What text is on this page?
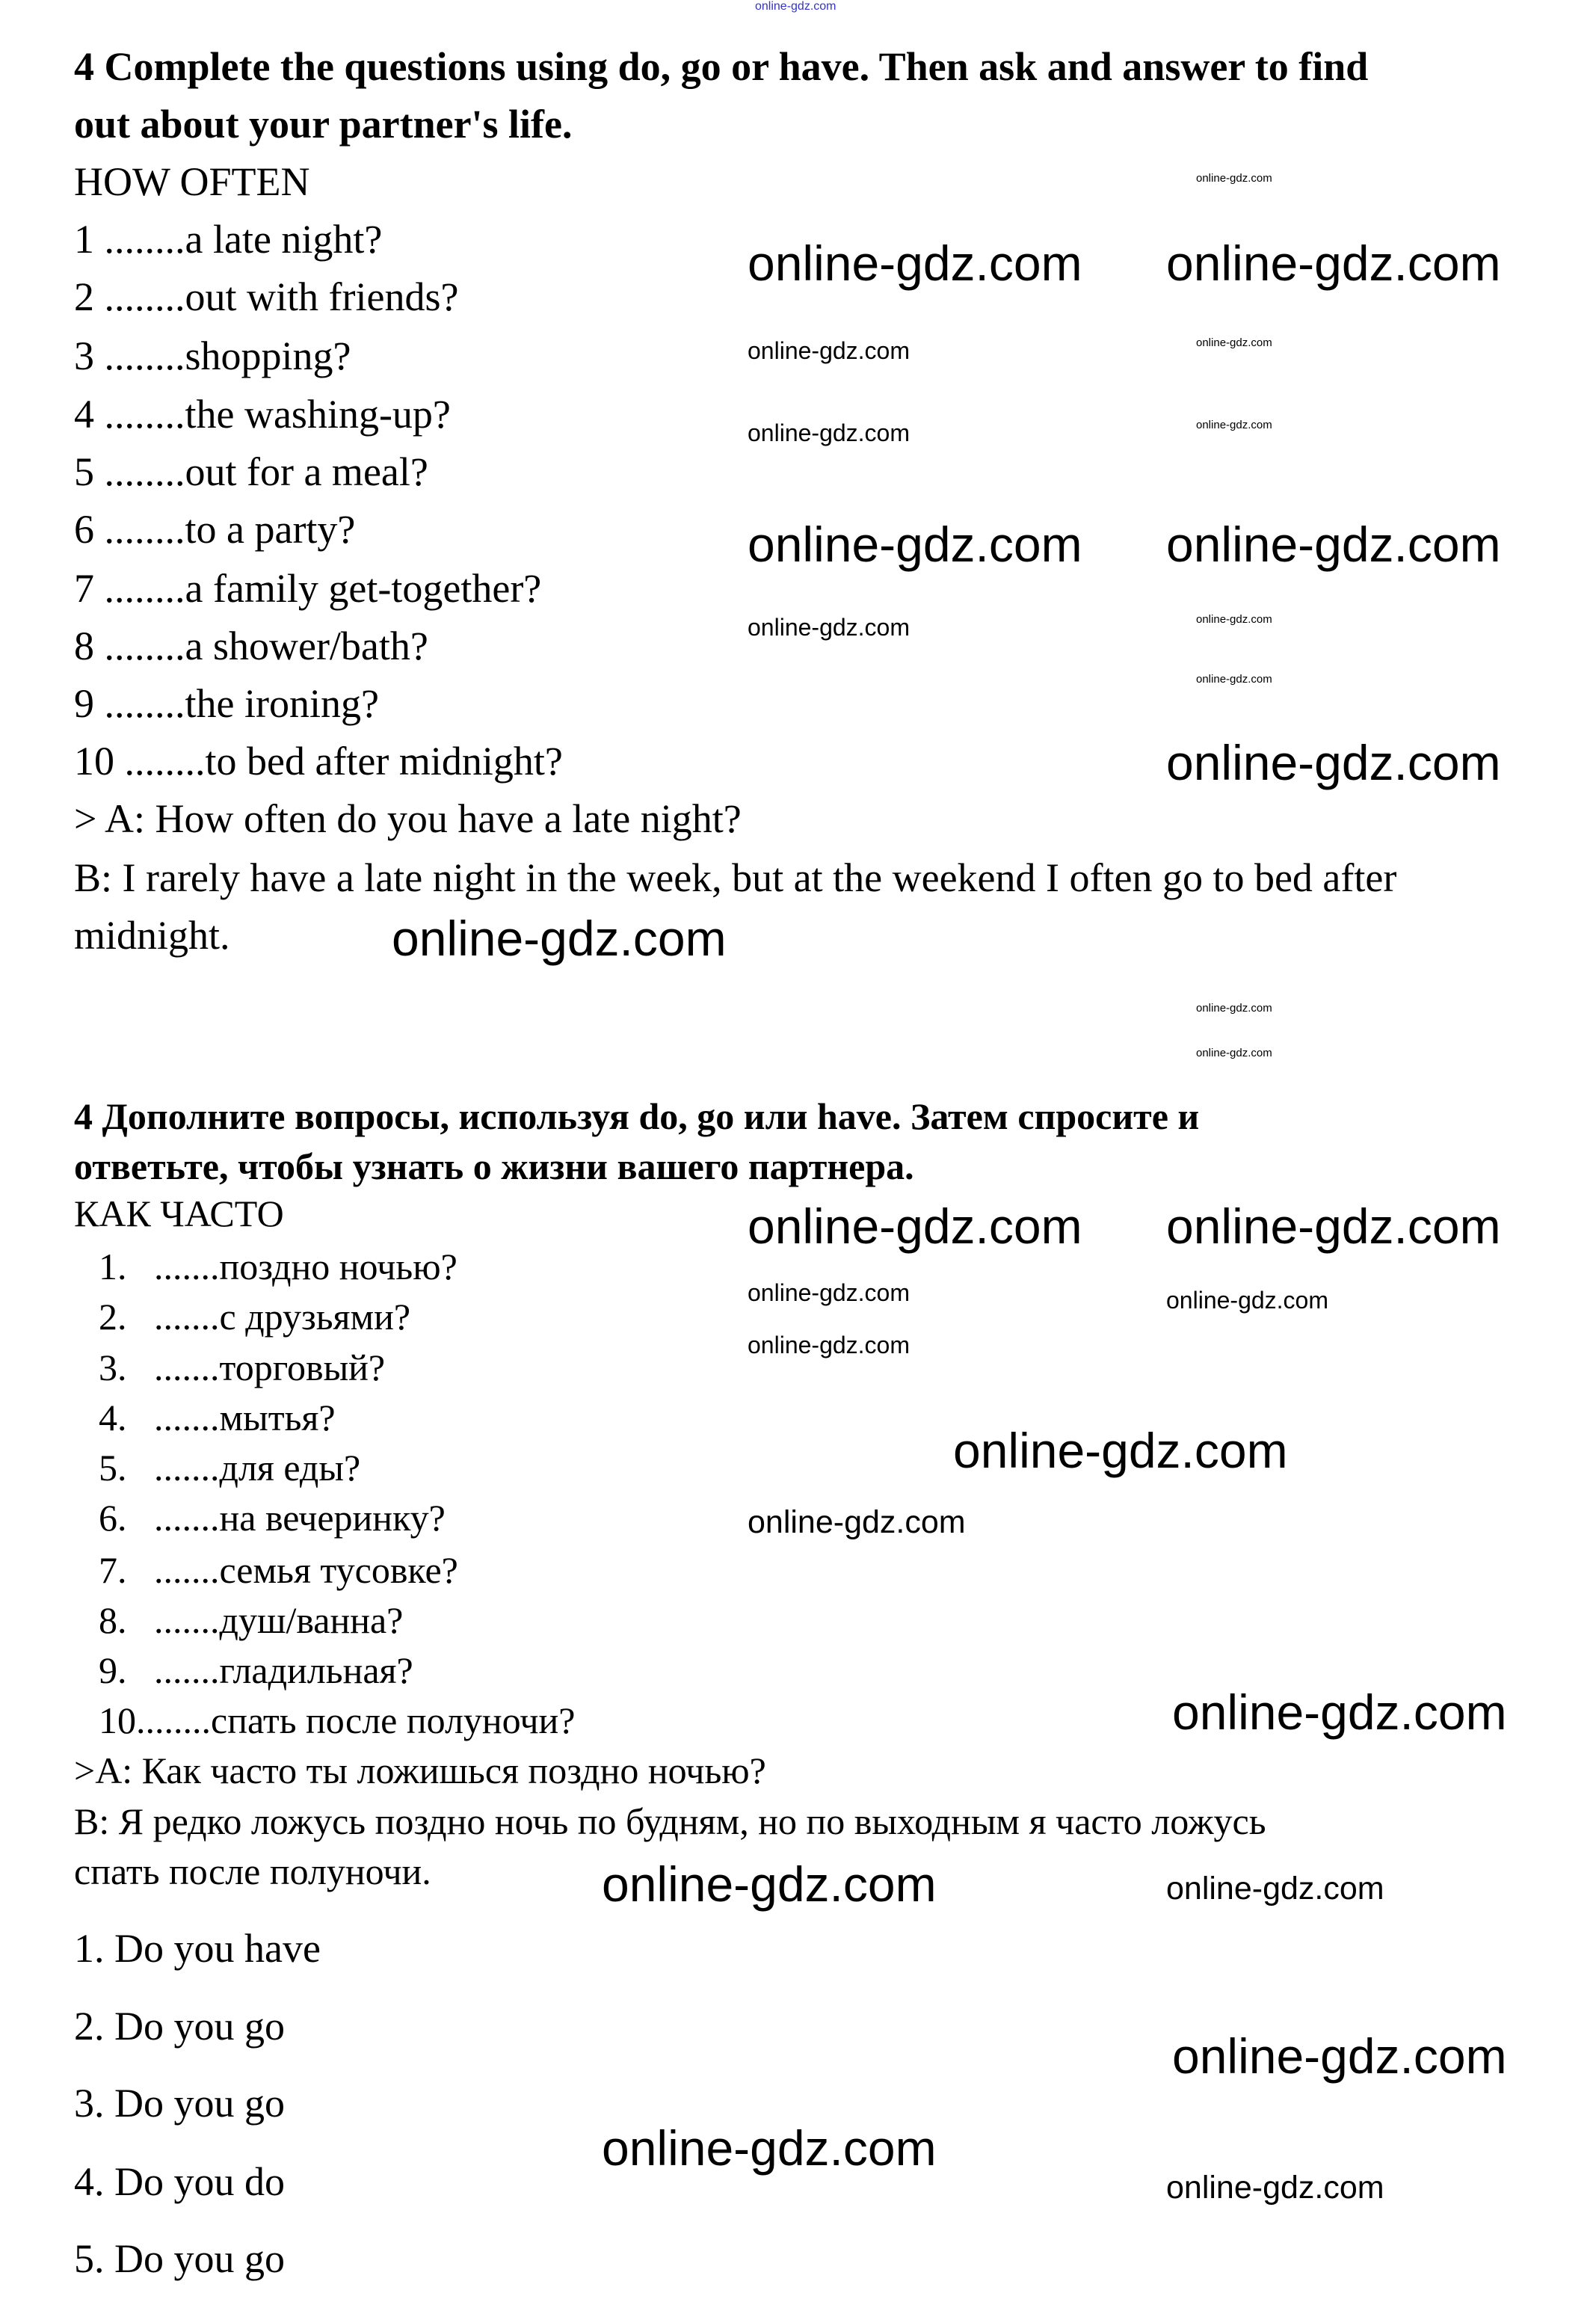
online-gdz.com
4 Complete the questions using do, go or have. Then ask and answer to find
out about your partner's life.
HOW OFTEN
1 ........a late night?
2 ........out with friends?
3 ........shopping?
4 ........the washing-up?
5 ........out for a meal?
6 ........to a party?
7 ........a family get-together?
8 ........a shower/bath?
9 ........the ironing?
10 ........to bed after midnight?
> A: How often do you have a late night?
B: I rarely have a late night in the week, but at the weekend I often go to bed after
midnight.
4 Дополните вопросы, используя do, go или have. Затем спросите и
ответьте, чтобы узнать о жизни вашего партнера.
КАК ЧАСТО
1. .......поздно ночью?
2. .......с друзьями?
3. .......торговый?
4. .......мытья?
5. .......для еды?
6. .......на вечеринку?
7. .......семья тусовке?
8. .......душ/ванна?
9. .......гладильная?
10........спать после полуночи?
>A: Как часто ты ложишься поздно ночью?
B: Я редко ложусь поздно ночь по будням, но по выходным я часто ложусь
спать после полуночи.
1. Do you have
2. Do you go
3. Do you go
4. Do you do
5. Do you go
online-gdz.com online-gdz.com
online-gdz.com online-gdz.com
online-gdz.com
online-gdz.com
online-gdz.com
online-gdz.com
online-gdz.com
online-gdz.com
online-gdz.com
online-gdz.com
online-gdz.com
online-gdz.com
online-gdz.com
online-gdz.com
online-gdz.com
online-gdz.com
online-gdz.com
online-gdz.com
online-gdz.com
online-gdz.com
online-gdz.com
online-gdz.com
online-gdz.com
online-gdz.com
online-gdz.com
online-gdz.com
online-gdz.com
